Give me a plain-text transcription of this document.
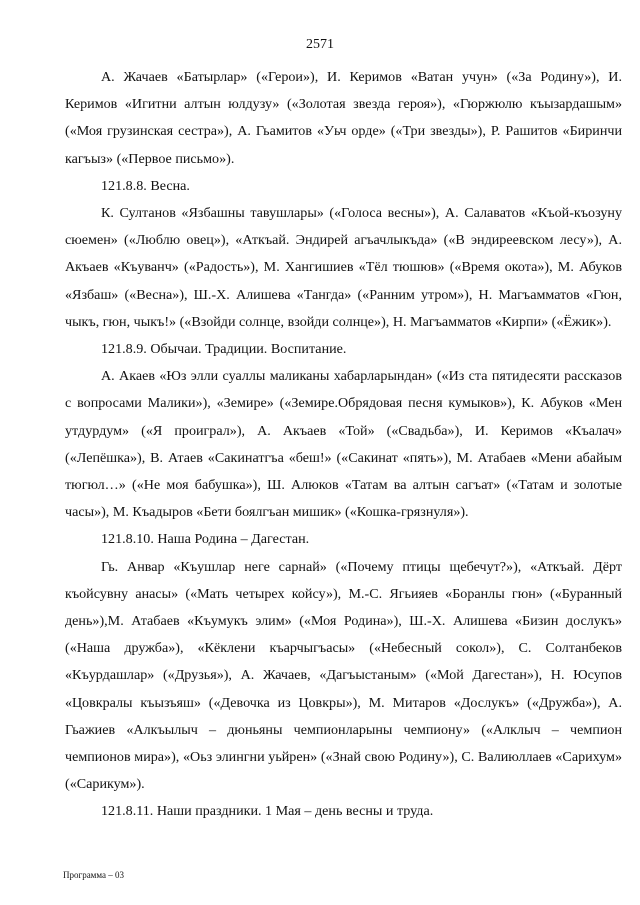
2571

А. Жачаев «Батырлар» («Герои»), И. Керимов «Ватан учун» («За Родину»), И. Керимов «Игитни алтын юлдузу» («Золотая звезда героя»), «Гюржюлю къызардашым» («Моя грузинская сестра»), А. Гьамитов «Уьч орде» («Три звезды»), Р. Рашитов «Биринчи кагъыз» («Первое письмо»).

121.8.8. Весна.

К. Султанов «Язбашны тавушлары» («Голоса весны»), А. Салаватов «Къой-къозуну сюемен» («Люблю овец»), «Аткъай. Эндирей агъачлыкъда» («В эндиреевском лесу»), А. Акъаев «Къуванч» («Радость»), М. Хангишиев «Тёл тюшюв» («Время окота»), М. Абуков «Язбаш» («Весна»), Ш.-Х. Алишева «Тангда» («Ранним утром»), Н. Магъамматов «Гюн, чыкъ, гюн, чыкъ!» («Взойди солнце, взойди солнце»), Н. Магъамматов «Кирпи» («Ёжик»).

121.8.9. Обычаи. Традиции. Воспитание.

А. Акаев «Юз элли суаллы маликаны хабарларындан» («Из ста пятидесяти рассказов с вопросами Малики»), «Земире» («Земире.Обрядовая песня кумыков»), К. Абуков «Мен утдурдум» («Я проиграл»), А. Акъаев «Той» («Свадьба»), И. Керимов «Къалач» («Лепёшка»), В. Атаев «Сакинатгъа «беш!» («Сакинат «пять»), М. Атабаев «Мени абайым тюгюл…» («Не моя бабушка»), Ш. Алюков «Татам ва алтын сагъат» («Татам и золотые часы»), М. Къадыров «Бети боялгъан мишик» («Кошка-грязнуля»).

121.8.10. Наша Родина – Дагестан.

Гь. Анвар «Къушлар неге сарнай» («Почему птицы щебечут?»), «Аткъай. Дёрт къойсувну анасы» («Мать четырех койсу»), М.-С. Ягьияев «Боранлы гюн» («Буранный день»),М. Атабаев «Къумукъ элим» («Моя Родина»), Ш.-Х. Алишева «Бизин дослукъ» («Наша дружба»), «Кёклени къарчыгъасы» («Небесный сокол»), С. Солтанбеков «Къурдашлар» («Друзья»), А. Жачаев, «Дагъыстаным» («Мой Дагестан»), Н. Юсупов «Цовкралы къызъяш» («Девочка из Цовкры»), М. Митаров «Дослукъ» («Дружба»), А. Гьажиев «Алкъылыч – дюньяны чемпионларыны чемпиону» («Алклыч – чемпион чемпионов мира»), «Оьз элингни уьйрен» («Знай свою Родину»), С. Валиюллаев «Сарихум» («Сарикум»).

121.8.11. Наши праздники. 1 Мая – день весны и труда.

Программа – 03
